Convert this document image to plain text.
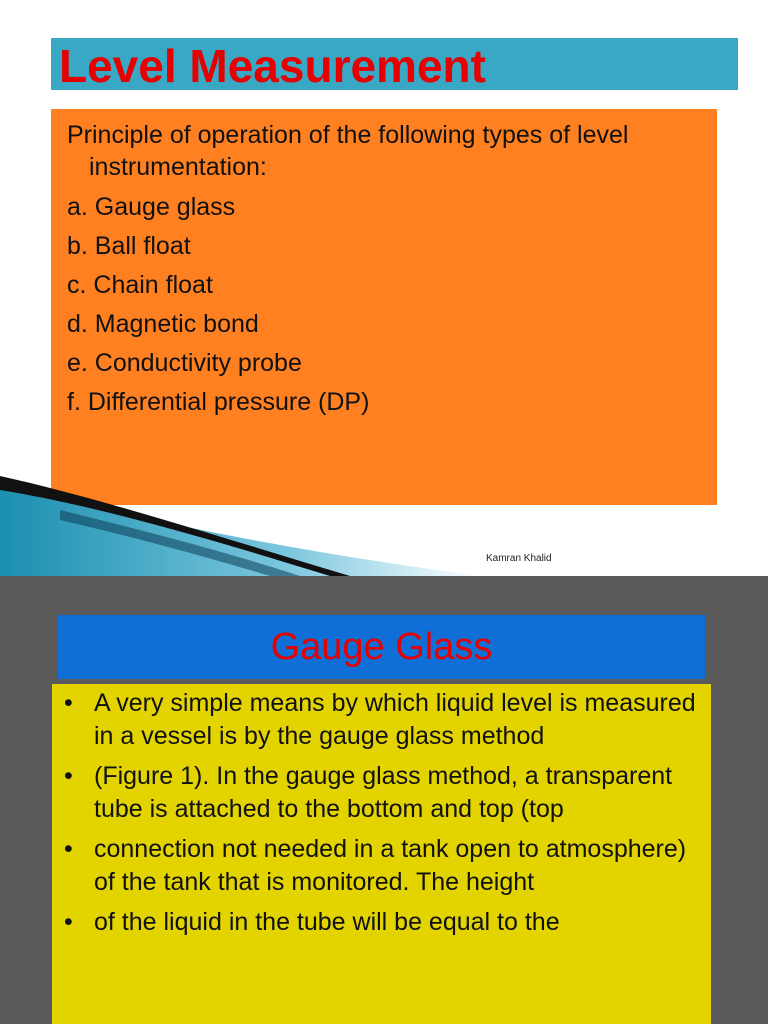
Level Measurement
Principle of operation of the following types of level instrumentation:
a. Gauge glass
b. Ball float
c. Chain float
d. Magnetic bond
e. Conductivity probe
f. Differential pressure (DP)
Kamran Khalid
Gauge Glass
• A very simple means by which liquid level is measured in a vessel is by the gauge glass method
• (Figure 1). In the gauge glass method, a transparent tube is attached to the bottom and top (top
• connection not needed in a tank open to atmosphere) of the tank that is monitored. The height
• of the liquid in the tube will be equal to the
